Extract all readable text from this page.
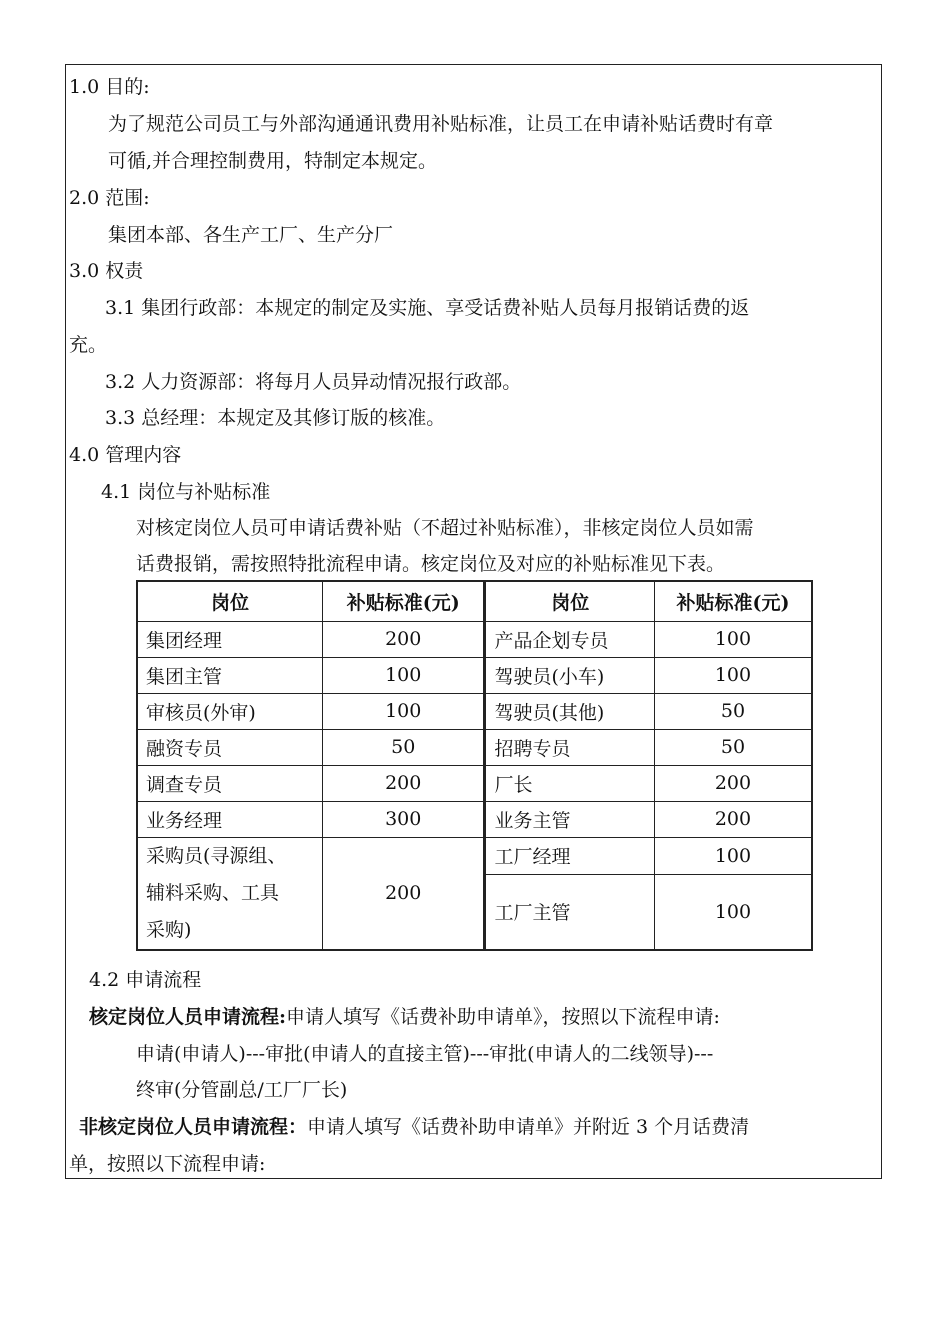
1.0 目的:
为了规范公司员工与外部沟通通讯费用补贴标准，让员工在申请补贴话费时有章
可循,并合理控制费用，特制定本规定。
2.0 范围:
集团本部、各生产工厂、生产分厂
3.0 权责
3.1 集团行政部：本规定的制定及实施、享受话费补贴人员每月报销话费的返
充。
3.2 人力资源部：将每月人员异动情况报行政部。
3.3 总经理：本规定及其修订版的核准。
4.0 管理内容
4.1 岗位与补贴标准
对核定岗位人员可申请话费补贴（不超过补贴标准），非核定岗位人员如需
话费报销，需按照特批流程申请。核定岗位及对应的补贴标准见下表。
岗位	补贴标准(元)	岗位	补贴标准(元)
集团经理	200	产品企划专员	100
集团主管	100	驾驶员(小车)	100
审核员(外审)	100	驾驶员(其他)	50
融资专员	50	招聘专员	50
调查专员	200	厂长	200
业务经理	300	业务主管	200

采购员(寻源组、
辅料采购、工具
采购)	200	工厂经理	100
		工厂主管	100
4.2 申请流程
核定岗位人员申请流程:申请人填写《话费补助申请单》，按照以下流程申请:
申请(申请人)---审批(申请人的直接主管)---审批(申请人的二线领导)---
终审(分管副总/工厂厂长)
非核定岗位人员申请流程：申请人填写《话费补助申请单》并附近 3 个月话费清
单，按照以下流程申请:
